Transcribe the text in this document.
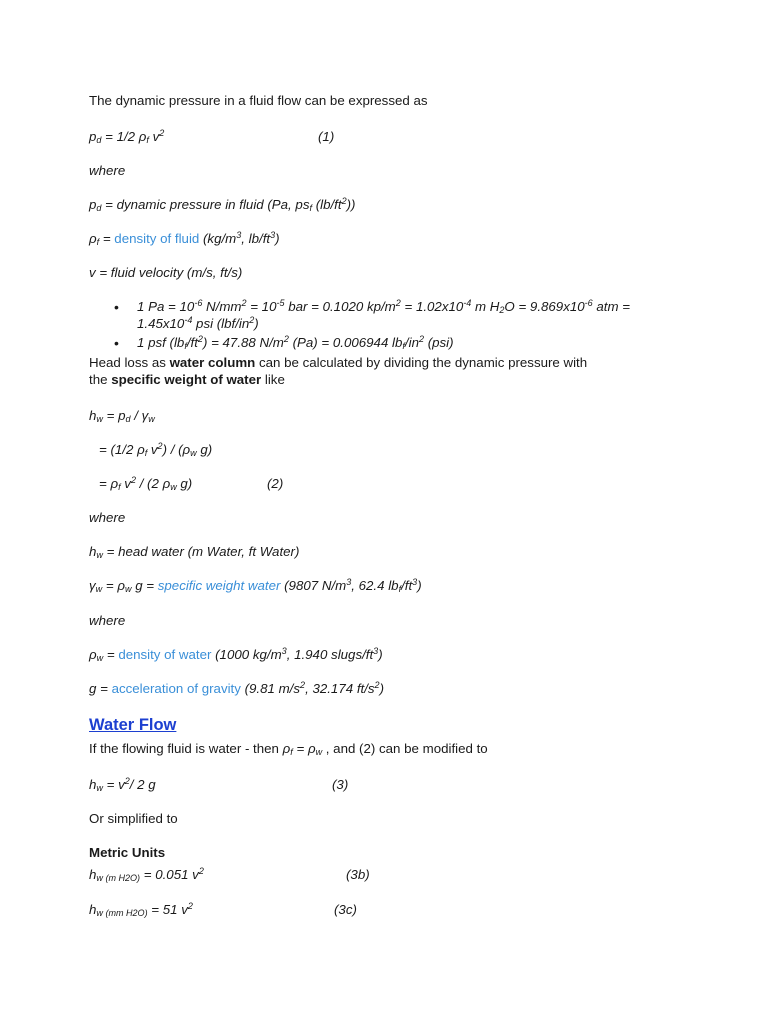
The dynamic pressure in a fluid flow can be expressed as
$p_d = 1/2$ $\rho_f$ $v^2$	(1)
where
$p_d$ = dynamic pressure in fluid (Pa, $ps_f$ $(lb/ft^2)$)
$\rho_f$ = density of fluid ($kg/m^3$, $lb/ft^3$)
v = fluid velocity (m/s, ft/s)
• 1 $Pa = 10^{-6}$ $N/mm^2 = 10^{-5}$ bar = 0.1020 $kp/m^2 = 1.02x10^{-4}$ m $H_2O = 9.869x10^{-6}$ atm =
$1.45x10^{-4}$ psi $(lbf/in^2)$
• 1 psf $(lb_f/ft^2) = 47.88$ $N/m^2$ (Pa) = 0.006944 $lb_f/in^2$ (psi)
Head loss as water column can be calculated by dividing the dynamic pressure with
the specific weight of water like
$h_w = p_d / \gamma_w$
= (1/2 $\rho_f$ $v^2) / (\rho_w$ g)
= $\rho_f$ $v^2 / (2$ $\rho_w$ g)	(2)
where
$h_w$ = head water (m Water, ft Water)
$\gamma_w = \rho_w$ g = specific weight water (9807 $N/m^3$, 62.4 $lb_f/ft^3$)
where
$\rho_w$ = density of water (1000 $kg/m^3$, 1.940 slugs/$ft^3$)
g = acceleration of gravity (9.81 $m/s^2$, 32.174 $ft/s^2$)
Water Flow
If the flowing fluid is water - then $\rho_f = \rho_w$ , and (2) can be modified to
$h_w = v^2/$ 2 g	(3)
Or simplified to
Metric Units
$h_{w (m H2O)} = 0.051$ $v^2$	(3b)
$h_{w (mm H2O)} = 51$ $v^2$	(3c)
